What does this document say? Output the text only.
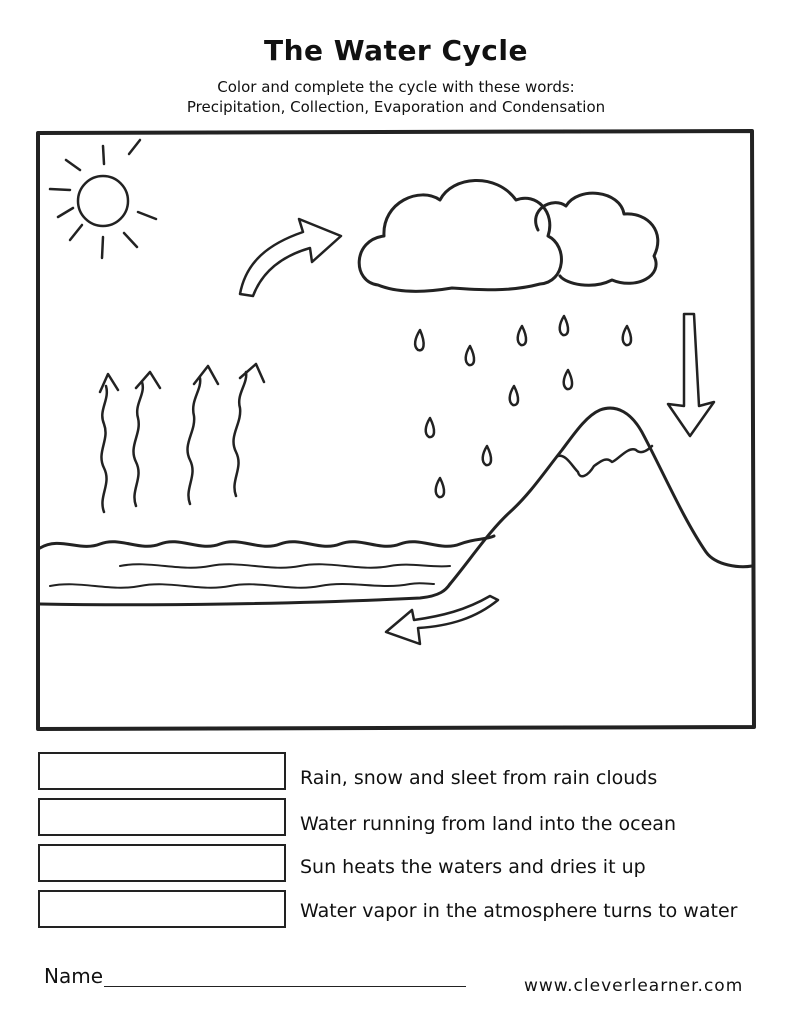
The Water Cycle
Color and complete the cycle with these words:
Precipitation, Collection, Evaporation and Condensation
Rain, snow and sleet from rain clouds
Water running from land into the ocean
Sun heats the waters and dries it up
Water vapor in the atmosphere turns to water
Name	www.cleverlearner.com
